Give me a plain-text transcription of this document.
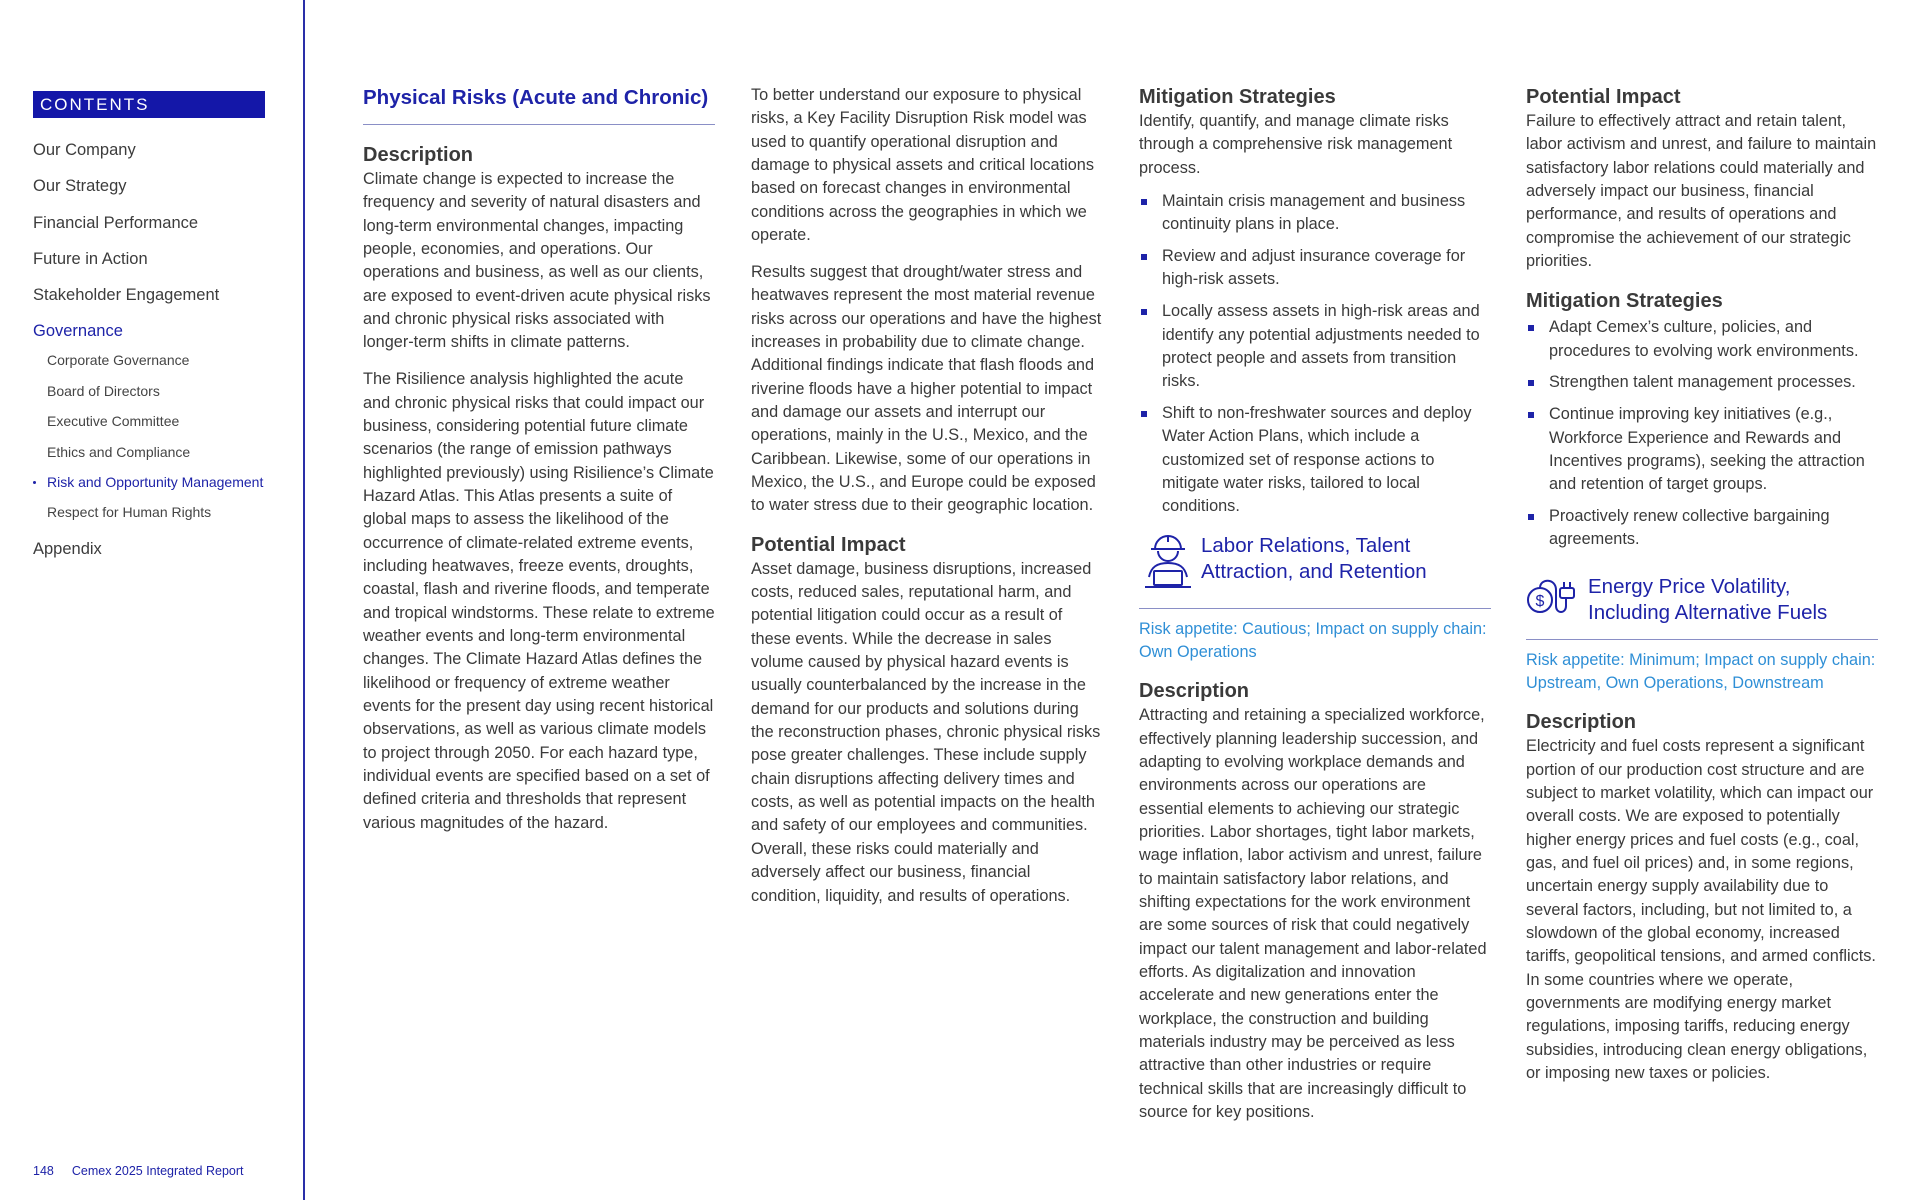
CONTENTS
Our Company
Our Strategy
Financial Performance
Future in Action
Stakeholder Engagement
Governance
Corporate Governance
Board of Directors
Executive Committee
Ethics and Compliance
Risk and Opportunity Management
Respect for Human Rights
Appendix
148 Cemex 2025 Integrated Report
Physical Risks (Acute and Chronic)
Description

Climate change is expected to increase the frequency and severity of natural disasters and long-term environmental changes, impacting people, economies, and operations. Our operations and business, as well as our clients, are exposed to event-driven acute physical risks and chronic physical risks associated with longer-term shifts in climate patterns.

The Risilience analysis highlighted the acute and chronic physical risks that could impact our business, considering potential future climate scenarios (the range of emission pathways highlighted previously) using Risilience’s Climate Hazard Atlas. This Atlas presents a suite of global maps to assess the likelihood of the occurrence of climate-related extreme events, including heatwaves, freeze events, droughts, coastal, flash and riverine floods, and temperate and tropical windstorms. These relate to extreme weather events and long-term environmental changes. The Climate Hazard Atlas defines the likelihood or frequency of extreme weather events for the present day using recent historical observations, as well as various climate models to project through 2050. For each hazard type, individual events are specified based on a set of defined criteria and thresholds that represent various magnitudes of the hazard.

To better understand our exposure to physical risks, a Key Facility Disruption Risk model was used to quantify operational disruption and damage to physical assets and critical locations based on forecast changes in environmental conditions across the geographies in which we operate.

Results suggest that drought/water stress and heatwaves represent the most material revenue risks across our operations and have the highest increases in probability due to climate change. Additional findings indicate that flash floods and riverine floods have a higher potential to impact and damage our assets and interrupt our operations, mainly in the U.S., Mexico, and the Caribbean. Likewise, some of our operations in Mexico, the U.S., and Europe could be exposed to water stress due to their geographic location.

Potential Impact

Asset damage, business disruptions, increased costs, reduced sales, reputational harm, and potential litigation could occur as a result of these events. While the decrease in sales volume caused by physical hazard events is usually counterbalanced by the increase in the demand for our products and solutions during the reconstruction phases, chronic physical risks pose greater challenges. These include supply chain disruptions affecting delivery times and costs, as well as potential impacts on the health and safety of our employees and communities. Overall, these risks could materially and adversely affect our business, financial condition, liquidity, and results of operations.

Mitigation Strategies

Identify, quantify, and manage climate risks through a comprehensive risk management process.

Maintain crisis management and business continuity plans in place.
Review and adjust insurance coverage for high-risk assets.
Locally assess assets in high-risk areas and identify any potential adjustments needed to protect people and assets from transition risks.
Shift to non-freshwater sources and deploy Water Action Plans, which include a customized set of response actions to mitigate water risks, tailored to local conditions.
Labor Relations, Talent
Attraction, and Retention

Risk appetite: Cautious; Impact on supply chain: Own Operations

Description

Attracting and retaining a specialized workforce, effectively planning leadership succession, and adapting to evolving workplace demands and environments across our operations are essential elements to achieving our strategic priorities. Labor shortages, tight labor markets, wage inflation, labor activism and unrest, failure to maintain satisfactory labor relations, and shifting expectations for the work environment are some sources of risk that could negatively impact our talent management and labor-related efforts. As digitalization and innovation accelerate and new generations enter the workplace, the construction and building materials industry may be perceived as less attractive than other industries or require technical skills that are increasingly difficult to source for key positions.

Potential Impact

Failure to effectively attract and retain talent, labor activism and unrest, and failure to maintain satisfactory labor relations could materially and adversely impact our business, financial performance, and results of operations and compromise the achievement of our strategic priorities.

Mitigation Strategies
Adapt Cemex’s culture, policies, and procedures to evolving work environments.
Strengthen talent management processes.
Continue improving key initiatives (e.g., Workforce Experience and Rewards and Incentives programs), seeking the attraction and retention of target groups.
Proactively renew collective bargaining agreements.
$
Energy Price Volatility,
Including Alternative Fuels

Risk appetite: Minimum; Impact on supply chain: Upstream, Own Operations, Downstream

Description

Electricity and fuel costs represent a significant portion of our production cost structure and are subject to market volatility, which can impact our overall costs. We are exposed to potentially higher energy prices and fuel costs (e.g., coal, gas, and fuel oil prices) and, in some regions, uncertain energy supply availability due to several factors, including, but not limited to, a slowdown of the global economy, increased tariffs, geopolitical tensions, and armed conflicts. In some countries where we operate, governments are modifying energy market regulations, imposing tariffs, reducing energy subsidies, introducing clean energy obligations, or imposing new taxes or policies.
